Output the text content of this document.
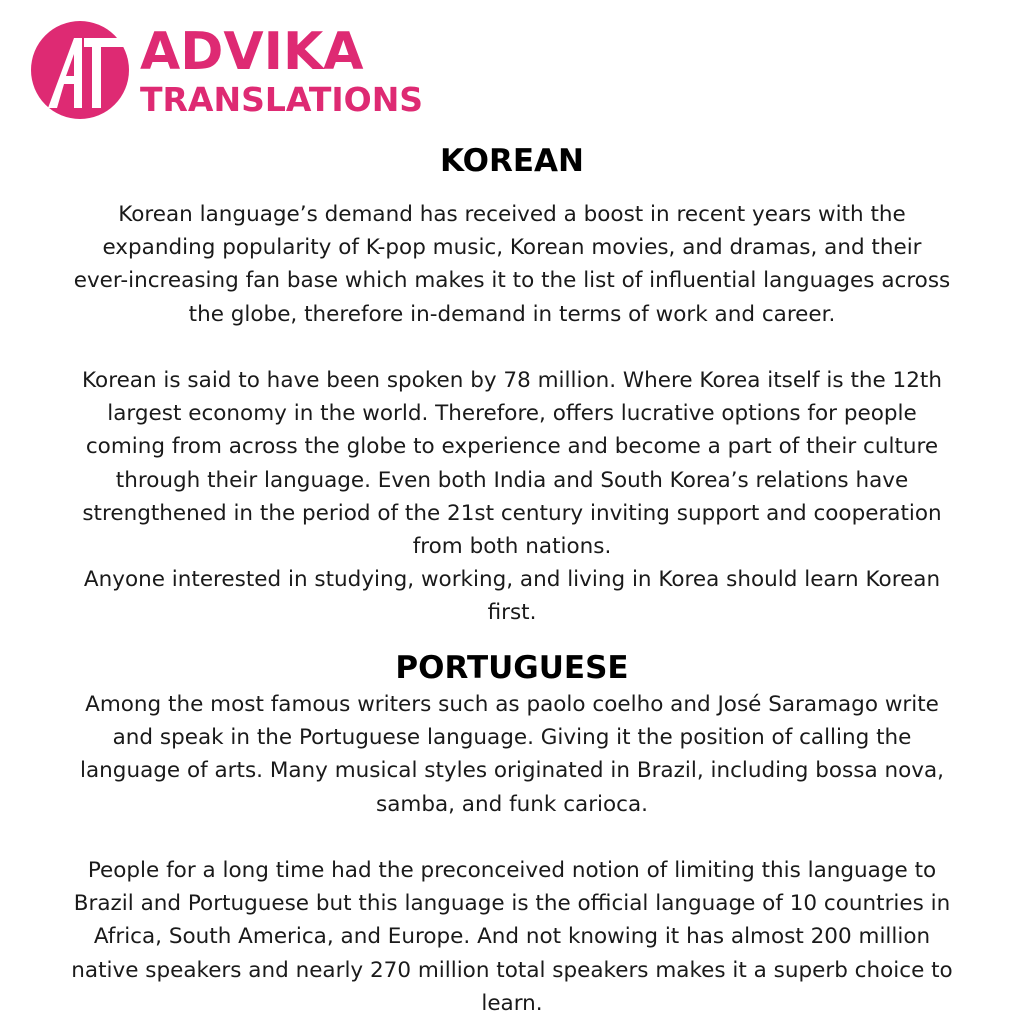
ADVIKA
TRANSLATIONS
KOREAN

Korean language’s demand has received a boost in recent years with the
expanding popularity of K-pop music, Korean movies, and dramas, and their
ever-increasing fan base which makes it to the list of influential languages across
the globe, therefore in-demand in terms of work and career.

Korean is said to have been spoken by 78 million. Where Korea itself is the 12th
largest economy in the world. Therefore, offers lucrative options for people
coming from across the globe to experience and become a part of their culture
through their language. Even both India and South Korea’s relations have
strengthened in the period of the 21st century inviting support and cooperation
from both nations.

Anyone interested in studying, working, and living in Korea should learn Korean
first.

PORTUGUESE

Among the most famous writers such as paolo coelho and José Saramago write
and speak in the Portuguese language. Giving it the position of calling the
language of arts. Many musical styles originated in Brazil, including bossa nova,
samba, and funk carioca.

People for a long time had the preconceived notion of limiting this language to
Brazil and Portuguese but this language is the official language of 10 countries in
Africa, South America, and Europe. And not knowing it has almost 200 million
native speakers and nearly 270 million total speakers makes it a superb choice to
learn.
